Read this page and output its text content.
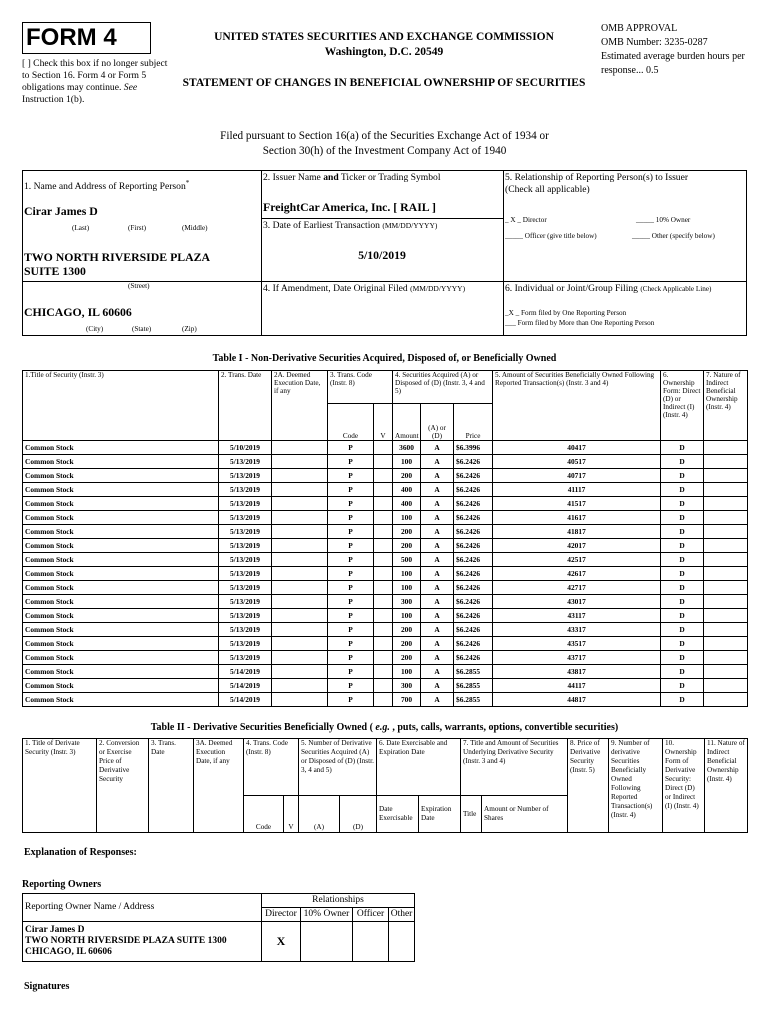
FORM 4
[ ] Check this box if no longer subject to Section 16. Form 4 or Form 5 obligations may continue. See Instruction 1(b).
UNITED STATES SECURITIES AND EXCHANGE COMMISSION
Washington, D.C. 20549
STATEMENT OF CHANGES IN BENEFICIAL OWNERSHIP OF SECURITIES
OMB APPROVAL
OMB Number: 3235-0287
Estimated average burden hours per response... 0.5
Filed pursuant to Section 16(a) of the Securities Exchange Act of 1934 or
Section 30(h) of the Investment Company Act of 1940
1. Name and Address of Reporting Person*
Cirar James D
(Last)	(First)	(Middle)
TWO NORTH RIVERSIDE PLAZA
SUITE 1300
(Street)
CHICAGO, IL 60606
(City)	(State)	(Zip)
2. Issuer Name and Ticker or Trading Symbol
FreightCar America, Inc. [ RAIL ]
3. Date of Earliest Transaction (MM/DD/YYYY)
5/10/2019
4. If Amendment, Date Original Filed (MM/DD/YYYY)
5. Relationship of Reporting Person(s) to Issuer
(Check all applicable)
_ X _ Director	_____ 10% Owner
_____ Officer (give title below)	_____ Other (specify below)
6. Individual or Joint/Group Filing (Check Applicable Line)
_X _ Form filed by One Reporting Person
___ Form filed by More than One Reporting Person
Table I - Non-Derivative Securities Acquired, Disposed of, or Beneficially Owned
1.Title of Security (Instr. 3)	2. Trans. Date	2A. Deemed Execution Date, if any	3. Trans. Code (Instr. 8)		4. Securities Acquired (A) or Disposed of (D) (Instr. 3, 4 and 5)			5. Amount of Securities Beneficially Owned Following Reported Transaction(s) (Instr. 3 and 4)	6. Ownership Form: Direct (D) or Indirect (I) (Instr. 4)	7. Nature of Indirect Beneficial Ownership (Instr. 4)
			Code	V	Amount	(A) or (D)	Price			
Common Stock	5/10/2019		P		3600	A	$6.3996	40417	D	
Common Stock	5/13/2019		P		100	A	$6.2426	40517	D	
Common Stock	5/13/2019		P		200	A	$6.2426	40717	D	
Common Stock	5/13/2019		P		400	A	$6.2426	41117	D	
Common Stock	5/13/2019		P		400	A	$6.2426	41517	D	
Common Stock	5/13/2019		P		100	A	$6.2426	41617	D	
Common Stock	5/13/2019		P		200	A	$6.2426	41817	D	
Common Stock	5/13/2019		P		200	A	$6.2426	42017	D	
Common Stock	5/13/2019		P		500	A	$6.2426	42517	D	
Common Stock	5/13/2019		P		100	A	$6.2426	42617	D	
Common Stock	5/13/2019		P		100	A	$6.2426	42717	D	
Common Stock	5/13/2019		P		300	A	$6.2426	43017	D	
Common Stock	5/13/2019		P		100	A	$6.2426	43117	D	
Common Stock	5/13/2019		P		200	A	$6.2426	43317	D	
Common Stock	5/13/2019		P		200	A	$6.2426	43517	D	
Common Stock	5/13/2019		P		200	A	$6.2426	43717	D	
Common Stock	5/14/2019		P		100	A	$6.2855	43817	D	
Common Stock	5/14/2019		P		300	A	$6.2855	44117	D	
Common Stock	5/14/2019		P		700	A	$6.2855	44817	D	
Table II - Derivative Securities Beneficially Owned ( e.g. , puts, calls, warrants, options, convertible securities)
1. Title of Derivate Security (Instr. 3)	2. Conversion or Exercise Price of Derivative Security	3. Trans. Date	3A. Deemed Execution Date, if any	4. Trans. Code (Instr. 8)		5. Number of Derivative Securities Acquired (A) or Disposed of (D) (Instr. 3, 4 and 5)		6. Date Exercisable and Expiration Date		7. Title and Amount of Securities Underlying Derivative Security (Instr. 3 and 4)		8. Price of Derivative Security (Instr. 5)	9. Number of derivative Securities Beneficially Owned Following Reported Transaction(s) (Instr. 4)	10. Ownership Form of Derivative Security: Direct (D) or Indirect (I) (Instr. 4)	11. Nature of Indirect Beneficial Ownership (Instr. 4)
				Code	V	(A)	(D)	Date Exercisable	Expiration Date	Title	Amount or Number of Shares				
Explanation of Responses:
Reporting Owners
Reporting Owner Name / Address	Relationships			
	Director	10% Owner	Officer	Other

Cirar James D
TWO NORTH RIVERSIDE PLAZA SUITE 1300
CHICAGO, IL 60606	X			
Signatures
